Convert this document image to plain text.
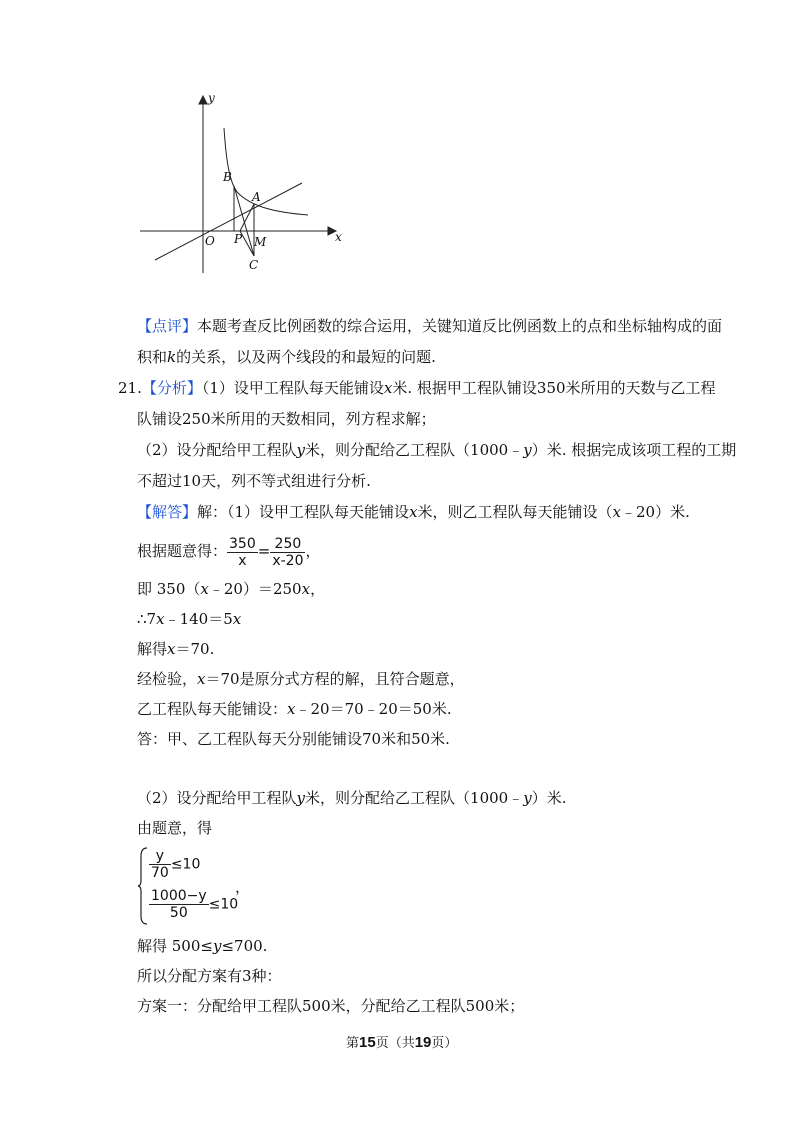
y
x
O
B
A
P M
C
【点评】本题考查反比例函数的综合运用，关键知道反比例函数上的点和坐标轴构成的面
积和k的关系，以及两个线段的和最短的问题.
21.【分析】（1）设甲工程队每天能铺设x米. 根据甲工程队铺设350米所用的天数与乙工程
队铺设250米所用的天数相同，列方程求解；
（2）设分配给甲工程队y米，则分配给乙工程队（1000﹣y）米. 根据完成该项工程的工期
不超过10天，列不等式组进行分析.
【解答】解：（1）设甲工程队每天能铺设x米，则乙工程队每天能铺设（x﹣20）米.
根据题意得： $\frac{350}{x} = \frac{250}{x-20}$ ，
即 350（x﹣20）＝250x，
∴7x﹣140＝5x
解得x＝70.
经检验，x＝70是原分式方程的解，且符合题意，
乙工程队每天能铺设：x﹣20＝70﹣20＝50米.
答：甲、乙工程队每天分别能铺设70米和50米.
（2）设分配给甲工程队y米，则分配给乙工程队（1000﹣y）米.
由题意，得
$\frac{y}{70} \le 10$
$\frac{1000-y}{50} \le 10$
，
解得 500≤y≤700.
所以分配方案有3种：
方案一：分配给甲工程队500米，分配给乙工程队500米；
第15页（共19页）
